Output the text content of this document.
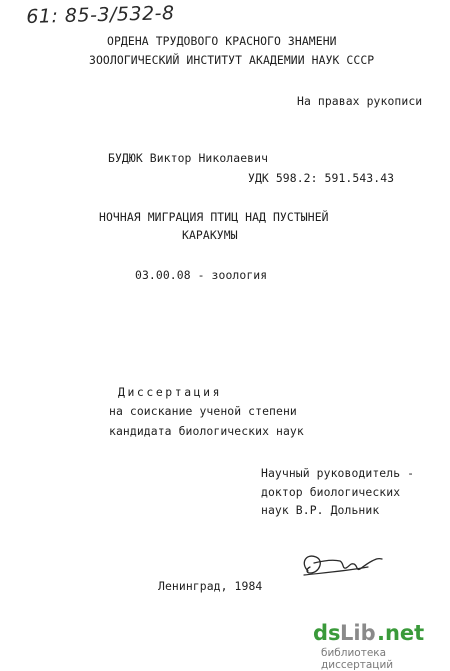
61: 85-3/532-8
ОРДЕНА ТРУДОВОГО КРАСНОГО ЗНАМЕНИ
ЗООЛОГИЧЕСКИЙ ИНСТИТУТ АКАДЕМИИ НАУК СССР
На правах рукописи
БУДЮК Виктор Николаевич
УДК 598.2: 591.543.43
НОЧНАЯ МИГРАЦИЯ ПТИЦ НАД ПУСТЫНЕЙ
КАРАКУМЫ
03.00.08 - зоология
Диссертация
на соискание ученой степени
кандидата биологических наук
Научный руководитель -
доктор биологических
наук В.Р. Дольник
Ленинград, 1984
ds Lib .net
библиотека диссертаций
